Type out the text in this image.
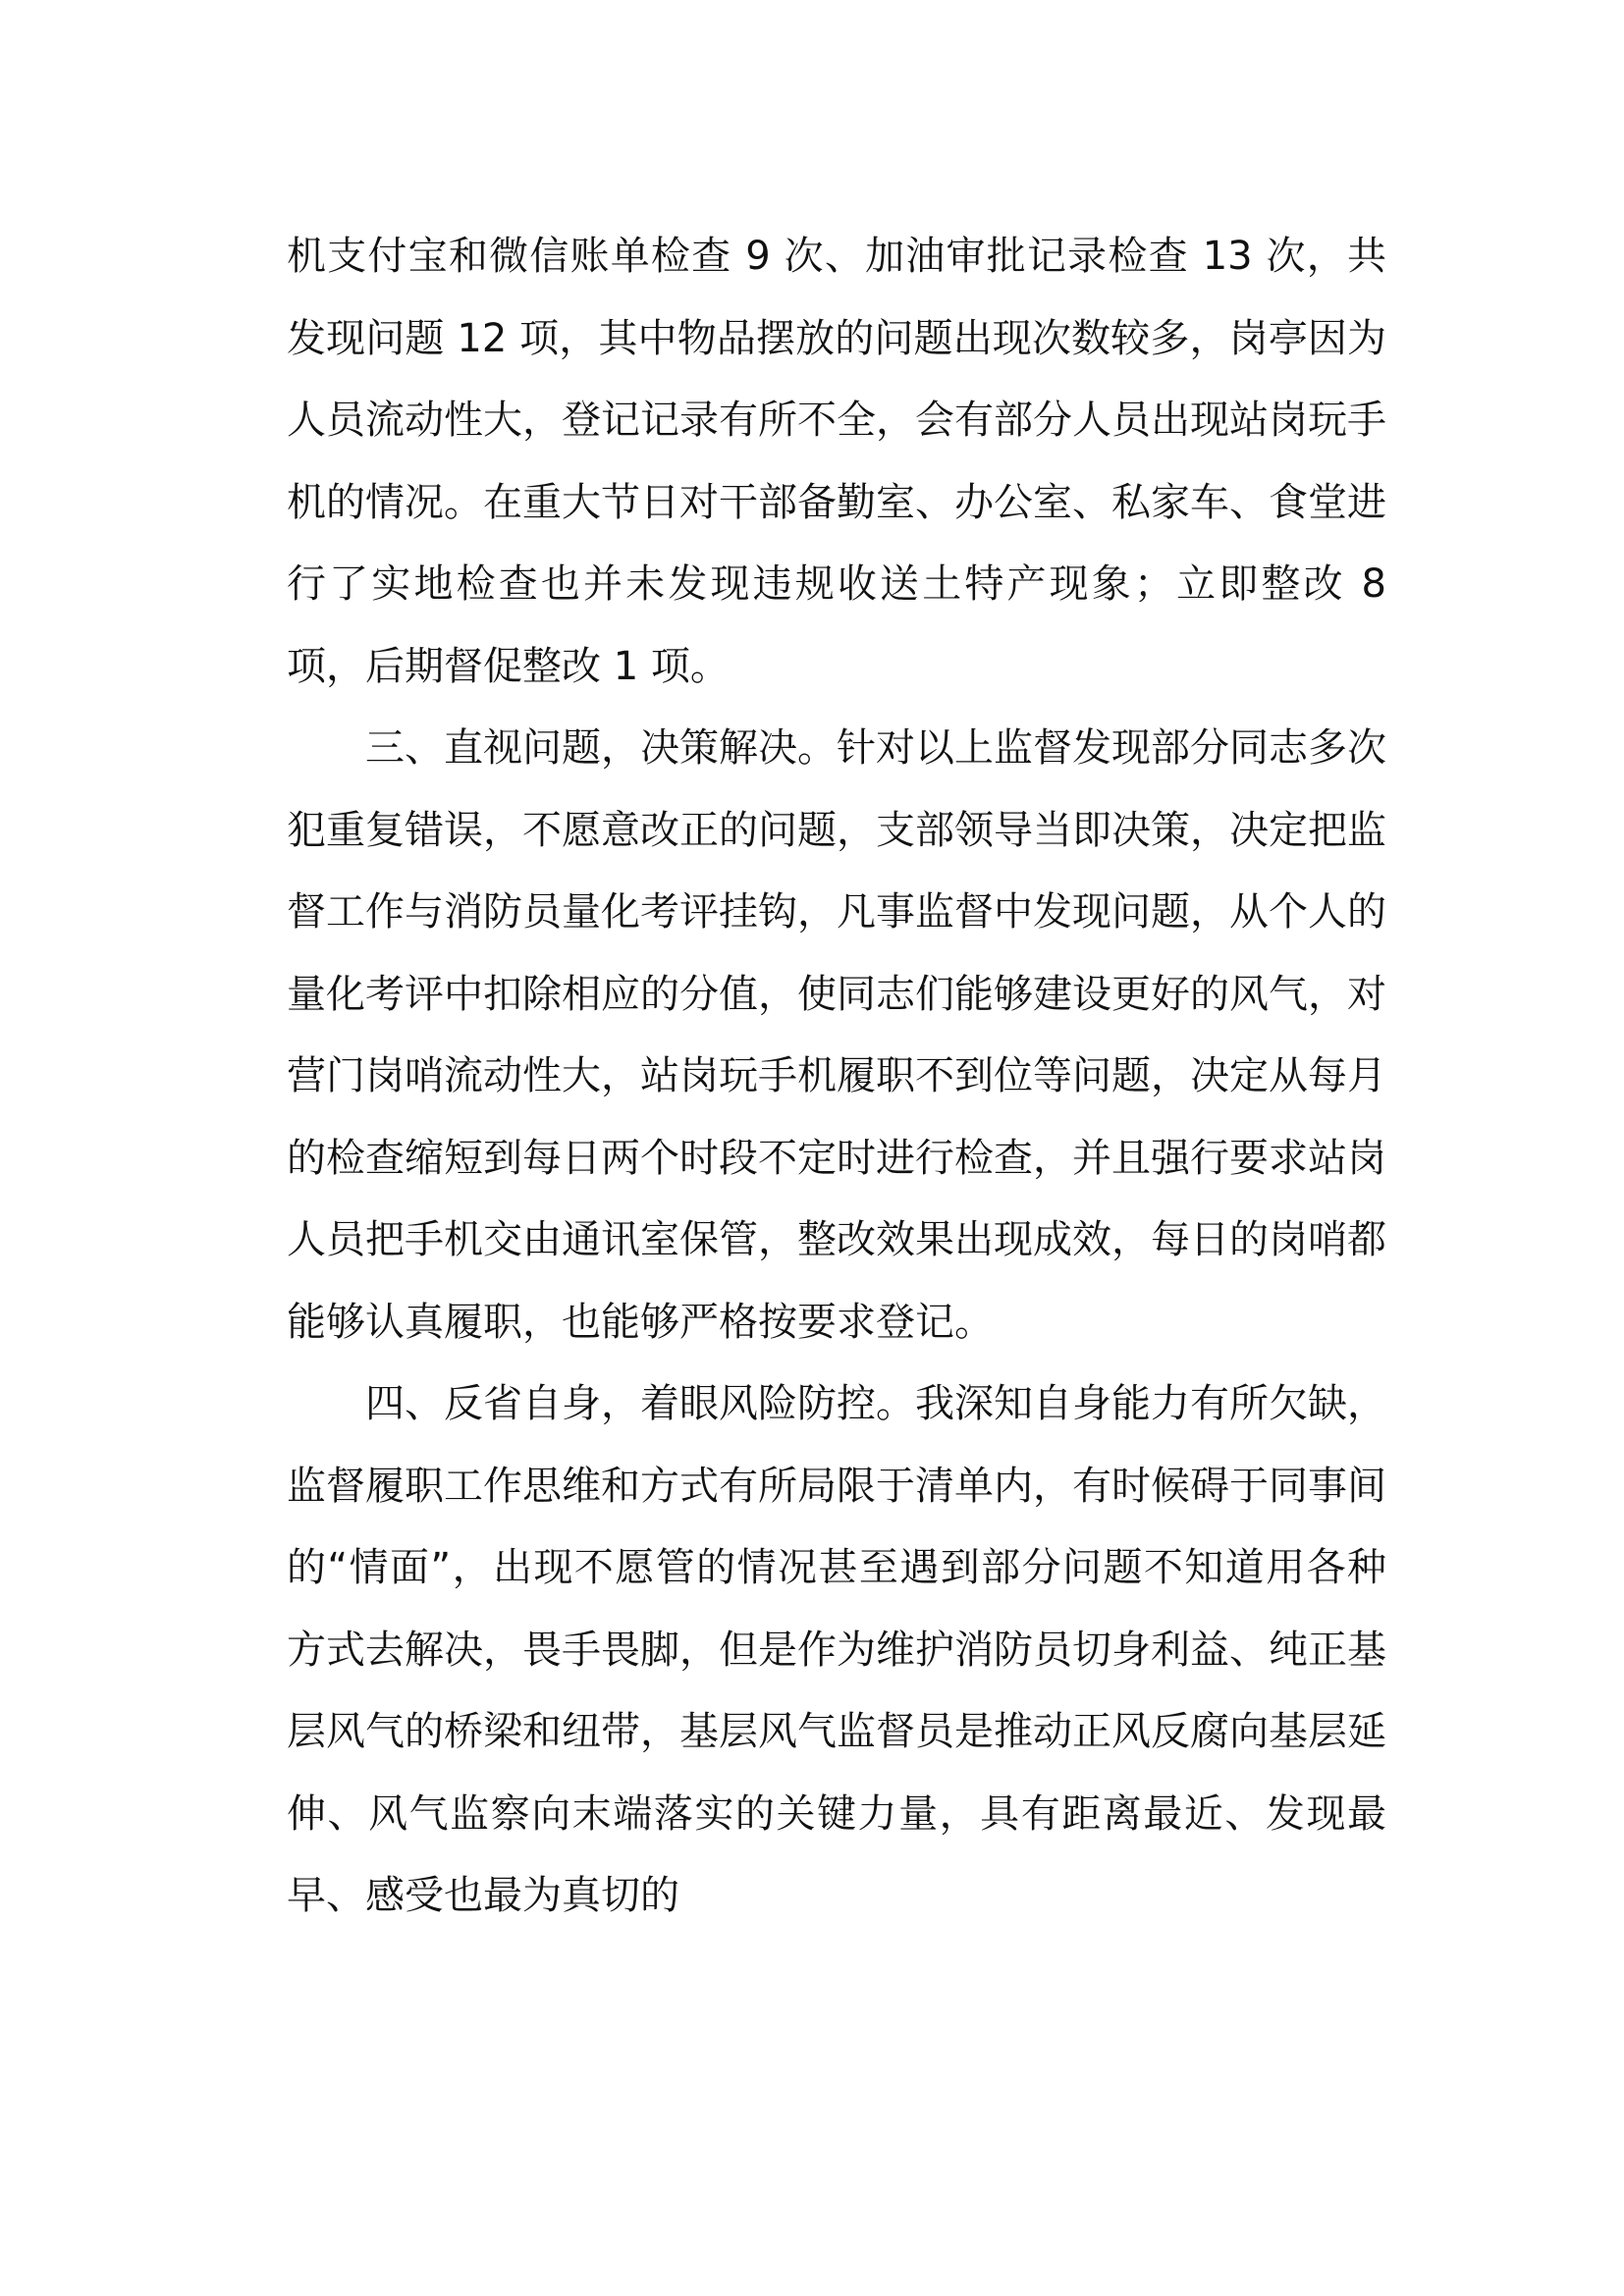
机支付宝和微信账单检查 9 次、加油审批记录检查 13 次，共发现问题 12 项，其中物品摆放的问题出现次数较多，岗亭因为人员流动性大，登记记录有所不全，会有部分人员出现站岗玩手机的情况。在重大节日对干部备勤室、办公室、私家车、食堂进行了实地检查也并未发现违规收送土特产现象；立即整改 8 项，后期督促整改 1 项。

三、直视问题，决策解决。针对以上监督发现部分同志多次犯重复错误，不愿意改正的问题，支部领导当即决策，决定把监督工作与消防员量化考评挂钩，凡事监督中发现问题，从个人的量化考评中扣除相应的分值，使同志们能够建设更好的风气，对营门岗哨流动性大，站岗玩手机履职不到位等问题，决定从每月的检查缩短到每日两个时段不定时进行检查，并且强行要求站岗人员把手机交由通讯室保管，整改效果出现成效，每日的岗哨都能够认真履职，也能够严格按要求登记。

四、反省自身，着眼风险防控。我深知自身能力有所欠缺，监督履职工作思维和方式有所局限于清单内，有时候碍于同事间的“情面”，出现不愿管的情况甚至遇到部分问题不知道用各种方式去解决，畏手畏脚，但是作为维护消防员切身利益、纯正基层风气的桥梁和纽带，基层风气监督员是推动正风反腐向基层延伸、风气监察向末端落实的关键力量，具有距离最近、发现最早、感受也最为真切的
